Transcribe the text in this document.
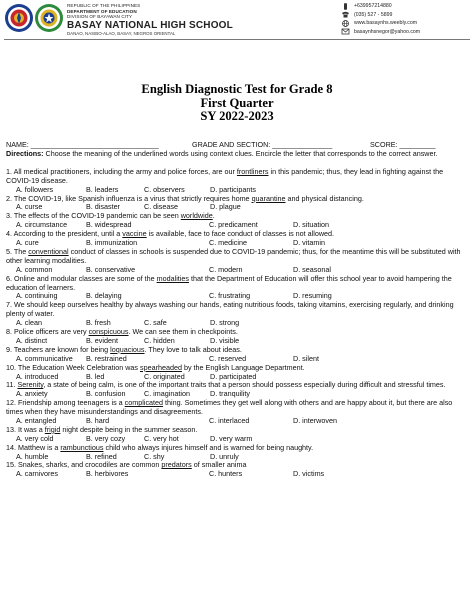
REPUBLIC OF THE PHILIPPINES
DEPARTMENT OF EDUCATION
DIVISION OF BAYAWAN CITY
BASAY NATIONAL HIGH SCHOOL
DANAO, NASIBO-ALAO, BASAY, NEGROS ORIENTAL
+639957214880
(035) 527 - 5899
www.basaynhs.weebly.com
basaynhsnegor@yahoo.com
English Diagnostic Test for Grade 8
First Quarter
SY 2022-2023
NAME: ________________________________	GRADE AND SECTION: _______________	SCORE: _________
Directions: Choose the meaning of the underlined words using context clues. Encircle the letter that corresponds to the correct answer.
1. All medical practitioners, including the army and police forces, are our frontliners in this pandemic; thus, they lead in fighting against the COVID-19 disease.
A. followers	B. leaders	C. observers	D. participants
2. The COVID-19, like Spanish influenza is a virus that strictly requires home quarantine and physical distancing.
A. curse	B. disaster	C. disease	D. plague
3. The effects of the COVID-19 pandemic can be seen worldwide.
A. circumstance	B. widespread	C. predicament	D. situation
4. According to the president, until a vaccine is available, face to face conduct of classes is not allowed.
A. cure	B. immunization	C. medicine	D. vitamin
5. The conventional conduct of classes in schools is suspended due to COVID-19 pandemic; thus, for the meantime this will be substituted with other learning modalities.
A. common	B. conservative	C. modern	D. seasonal
6. Online and modular classes are some of the modalities that the Department of Education will offer this school year to avoid hampering the education of learners.
A. continuing	B. delaying	C. frustrating	D. resuming
7. We should keep ourselves healthy by always washing our hands, eating nutritious foods, taking vitamins, exercising regularly, and drinking plenty of water.
A. clean	B. fresh	C. safe	D. strong
8. Police officers are very conspicuous. We can see them in checkpoints.
A. distinct	B. evident	C. hidden	D. visible
9. Teachers are known for being loquacious. They love to talk about ideas.
A. communicative B. restrained	C. reserved	D. silent
10. The Education Week Celebration was spearheaded by the English Language Department.
A. introduced	B. led	C. originated	D. participated
11. Serenity, a state of being calm, is one of the important traits that a person should possess especially during difficult and stressful times.
A. anxiety	B. confusion	C. imagination	D. tranquility
12. Friendship among teenagers is a complicated thing. Sometimes they get well along with others and are happy about it, but there are also times when they have misunderstandings and disagreements.
A. entangled	B. hard	C. interlaced	D. interwoven
13. It was a frigid night despite being in the summer season.
A. very cold	B. very cozy	C. very hot	D. very warm
14. Matthew is a rambunctious child who always injures himself and is warned for being naughty.
A. humble	B. refined	C. shy	D. unruly
15. Snakes, sharks, and crocodiles are common predators of smaller anima
A. carnivores	B. herbivores	C. hunters	D. victims
